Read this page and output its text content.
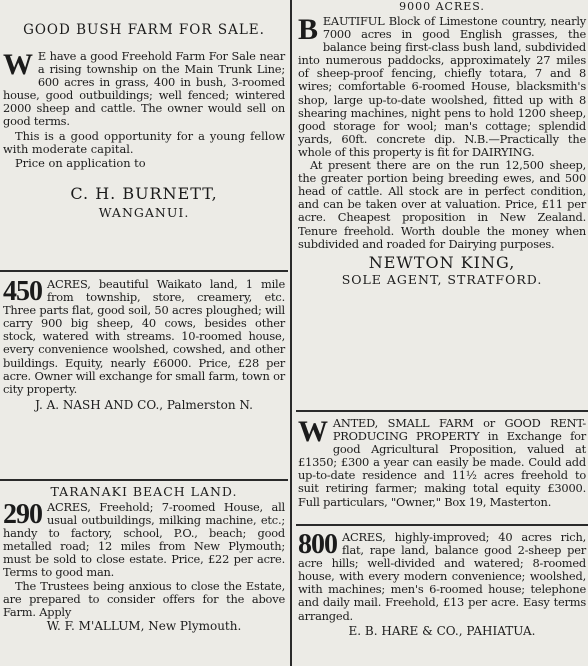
GOOD BUSH FARM FOR SALE.

W E have a good Freehold Farm For Sale near a rising township on the Main Trunk Line; 600 acres in grass, 400 in bush, 3-roomed house, good outbuildings; well fenced; wintered 2000 sheep and cattle. The owner would sell on good terms.

This is a good opportunity for a young fellow with moderate capital.

Price on application to

C. H. BURNETT,

WANGANUI.

450 ACRES, beautiful Waikato land, 1 mile from township, store, creamery, etc. Three parts flat, good soil, 50 acres ploughed; will carry 900 big sheep, 40 cows, besides other stock, watered with streams. 10-roomed house, every convenience woolshed, cowshed, and other buildings. Equity, nearly £6000. Price, £28 per acre. Owner will exchange for small farm, town or city property.

J. A. NASH AND CO., Palmerston N.

TARANAKI BEACH LAND.

290 ACRES, Freehold; 7-roomed House, all usual outbuildings, milking machine, etc.; handy to factory, school, P.O., beach; good metalled road; 12 miles from New Plymouth; must be sold to close estate. Price, £22 per acre. Terms to good man.

The Trustees being anxious to close the Estate, are prepared to consider offers for the above Farm. Apply

W. F. M'ALLUM, New Plymouth.

9000 ACRES.

BEAUTIFUL Block of Limestone country, nearly 7000 acres in good English grasses, the balance being first-class bush land, subdivided into numerous paddocks, approximately 27 miles of sheep-proof fencing, chiefly totara, 7 and 8 wires; comfortable 6-roomed House, blacksmith's shop, large up-to-date woolshed, fitted up with 8 shearing machines, night pens to hold 1200 sheep, good storage for wool; man's cottage; splendid yards, 60ft. concrete dip. N.B.—Practically the whole of this property is fit for DAIRYING.

At present there are on the run 12,500 sheep, the greater portion being breeding ewes, and 500 head of cattle. All stock are in perfect condition, and can be taken over at valuation. Price, £11 per acre. Cheapest proposition in New Zealand. Tenure freehold. Worth double the money when subdivided and roaded for Dairying purposes.

NEWTON KING,

SOLE AGENT, STRATFORD.

WANTED, SMALL FARM or GOOD RENT-PRODUCING PROPERTY in Exchange for good Agricultural Proposition, valued at £1350; £300 a year can easily be made. Could add up-to-date residence and 11½ acres freehold to suit retiring farmer; making total equity £3000. Full particulars, "Owner," Box 19, Masterton.

800 ACRES, highly-improved; 40 acres rich, flat, rape land, balance good 2-sheep per acre hills; well-divided and watered; 8-roomed house, with every modern convenience; woolshed, with machines; men's 6-roomed house; telephone and daily mail. Freehold, £13 per acre. Easy terms arranged.

E. B. HARE & CO., PAHIATUA.
